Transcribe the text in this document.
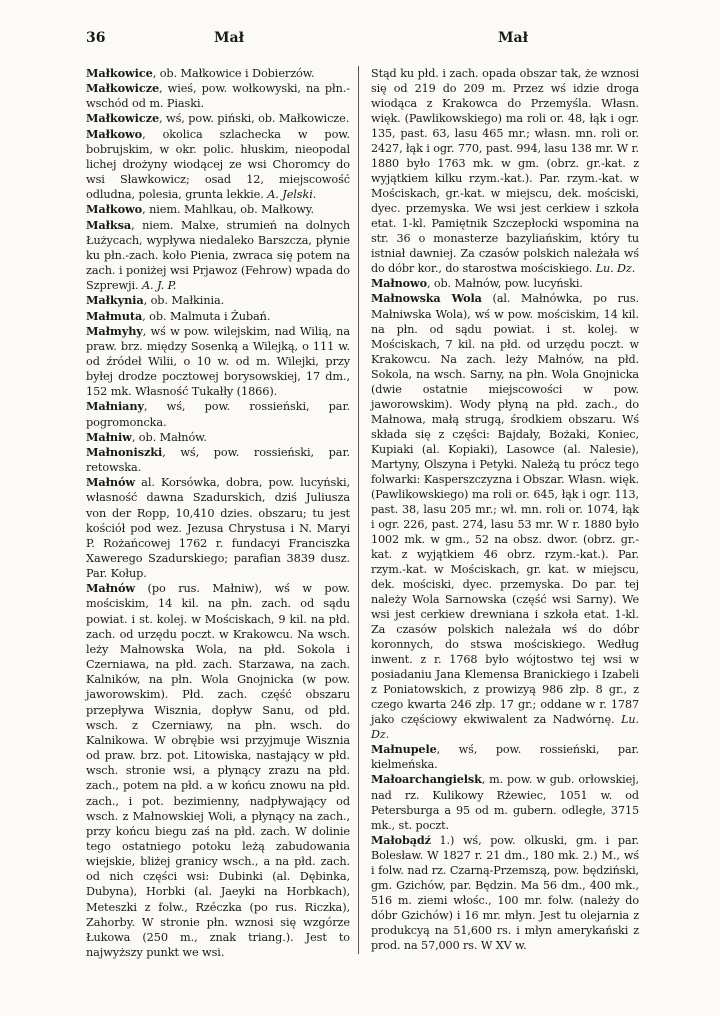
36	Mał	Mał

Małkowice, ob. Małkowice i Dobierzów.

Małkowicze, wieś, pow. wołkowyski, na płn.-wschód od m. Piaski.

Małkowicze, wś, pow. piński, ob. Małkowicze.

Małkowo, okolica szlachecka w pow. bobrujskim, w okr. polic. hłuskim, nieopodal lichej drożyny wiodącej ze wsi Choromcy do wsi Sławkowicz; osad 12, miejscowość odludna, polesia, grunta lekkie. A. Jelski.

Małkowo, niem. Mahlkau, ob. Małkowy.

Małksa, niem. Malxe, strumień na dolnych Łużycach, wypływa niedaleko Barszcza, płynie ku płn.-zach. koło Pienia, zwraca się potem na zach. i poniżej wsi Prjawoz (Fehrow) wpada do Szprewji. A. J. P.

Małkynia, ob. Małkinia.

Małmuta, ob. Malmuta i Żubań.

Małmyhy, wś w pow. wilejskim, nad Wilią, na praw. brz. między Sosenką a Wilejką, o 111 w. od źródeł Wilii, o 10 w. od m. Wilejki, przy byłej drodze pocztowej borysowskiej, 17 dm., 152 mk. Własność Tukałły (1866).

Małniany, wś, pow. rossieński, par. pogromoncka.

Małniw, ob. Małnów.

Małnoniszki, wś, pow. rossieński, par. retowska.

Małnów al. Korsówka, dobra, pow. lucyński, własność dawna Szadurskich, dziś Juliusza von der Ropp, 10,410 dzies. obszaru; tu jest kościół pod wez. Jezusa Chrystusa i N. Maryi P. Rożańcowej 1762 r. fundacyi Franciszka Xawerego Szadurskiego; parafian 3839 dusz. Par. Kołup.

Małnów (po rus. Małniw), wś w pow. mościskim, 14 kil. na płn. zach. od sądu powiat. i st. kolej. w Mościskach, 9 kil. na płd. zach. od urzędu poczt. w Krakowcu. Na wsch. leży Małnowska Wola, na płd. Sokola i Czerniawa, na płd. zach. Starzawa, na zach. Kalników, na płn. Wola Gnojnicka (w pow. jaworowskim). Płd. zach. część obszaru przepływa Wisznia, dopływ Sanu, od płd. wsch. z Czerniawy, na płn. wsch. do Kalnikowa. W obrębie wsi przyjmuje Wisznia od praw. brz. pot. Litowiska, nastający w płd. wsch. stronie wsi, a płynący zrazu na płd. zach., potem na płd. a w końcu znowu na płd. zach., i pot. bezimienny, nadpływający od wsch. z Małnowskiej Woli, a płynący na zach., przy końcu biegu zaś na płd. zach. W dolinie tego ostatniego potoku leżą zabudowania wiejskie, bliżej granicy wsch., a na płd. zach. od nich części wsi: Dubinki (al. Dębinka, Dubyna), Horbki (al. Jaeyki na Horbkach), Meteszki z folw., Rzéczka (po rus. Riczka), Zahorby. W stronie płn. wznosi się wzgórze Łukowa (250 m., znak triang.). Jest to najwyższy punkt we wsi.

Stąd ku płd. i zach. opada obszar tak, że wznosi się od 219 do 209 m. Przez wś idzie droga wiodąca z Krakowca do Przemyśla. Własn. więk. (Pawlikowskiego) ma roli or. 48, łąk i ogr. 135, past. 63, lasu 465 mr.; własn. mn. roli or. 2427, łąk i ogr. 770, past. 994, lasu 138 mr. W r. 1880 było 1763 mk. w gm. (obrz. gr.-kat. z wyjątkiem kilku rzym.-kat.). Par. rzym.-kat. w Mościskach, gr.-kat. w miejscu, dek. mościski, dyec. przemyska. We wsi jest cerkiew i szkoła etat. 1-kl. Pamiętnik Szczepłocki wspomina na str. 36 o monasterze bazyliańskim, który tu istniał dawniej. Za czasów polskich należała wś do dóbr kor., do starostwa mościskiego. Lu. Dz.

Małnowo, ob. Małnów, pow. lucyński.

Małnowska Wola (al. Małnówka, po rus. Małniwska Wola), wś w pow. mościskim, 14 kil. na płn. od sądu powiat. i st. kolej. w Mościskach, 7 kil. na płd. od urzędu poczt. w Krakowcu. Na zach. leży Małnów, na płd. Sokola, na wsch. Sarny, na płn. Wola Gnojnicka (dwie ostatnie miejscowości w pow. jaworowskim). Wody płyną na płd. zach., do Małnowa, małą strugą, środkiem obszaru. Wś składa się z części: Bajdały, Bożaki, Koniec, Kupiaki (al. Kopiaki), Lasowce (al. Nalesie), Martyny, Olszyna i Petyki. Należą tu prócz tego folwarki: Kasperszczyzna i Obszar. Własn. więk. (Pawlikowskiego) ma roli or. 645, łąk i ogr. 113, past. 38, lasu 205 mr.; wł. mn. roli or. 1074, łąk i ogr. 226, past. 274, lasu 53 mr. W r. 1880 było 1002 mk. w gm., 52 na obsz. dwor. (obrz. gr.-kat. z wyjątkiem 46 obrz. rzym.-kat.). Par. rzym.-kat. w Mościskach, gr. kat. w miejscu, dek. mościski, dyec. przemyska. Do par. tej należy Wola Sarnowska (część wsi Sarny). We wsi jest cerkiew drewniana i szkoła etat. 1-kl. Za czasów polskich należała wś do dóbr koronnych, do stswa mościskiego. Według inwent. z r. 1768 było wójtostwo tej wsi w posiadaniu Jana Klemensa Branickiego i Izabeli z Poniatowskich, z prowizyą 986 złp. 8 gr., z czego kwarta 246 złp. 17 gr.; oddane w r. 1787 jako częściowy ekwiwalent za Nadwórnę. Lu. Dz.

Małnupele, wś, pow. rossieński, par. kielmeńska.

Małoarchangielsk, m. pow. w gub. orłowskiej, nad rz. Kulikowy Rżewiec, 1051 w. od Petersburga a 95 od m. gubern. odległe, 3715 mk., st. poczt.

Małobądź 1.) wś, pow. olkuski, gm. i par. Bolesław. W 1827 r. 21 dm., 180 mk. 2.) M., wś i folw. nad rz. Czarną-Przemszą, pow. będziński, gm. Gzichów, par. Będzin. Ma 56 dm., 400 mk., 516 m. ziemi włośc., 100 mr. folw. (należy do dóbr Gzichów) i 16 mr. młyn. Jest tu olejarnia z produkcyą na 51,600 rs. i młyn amerykański z prod. na 57,000 rs. W XV w.
